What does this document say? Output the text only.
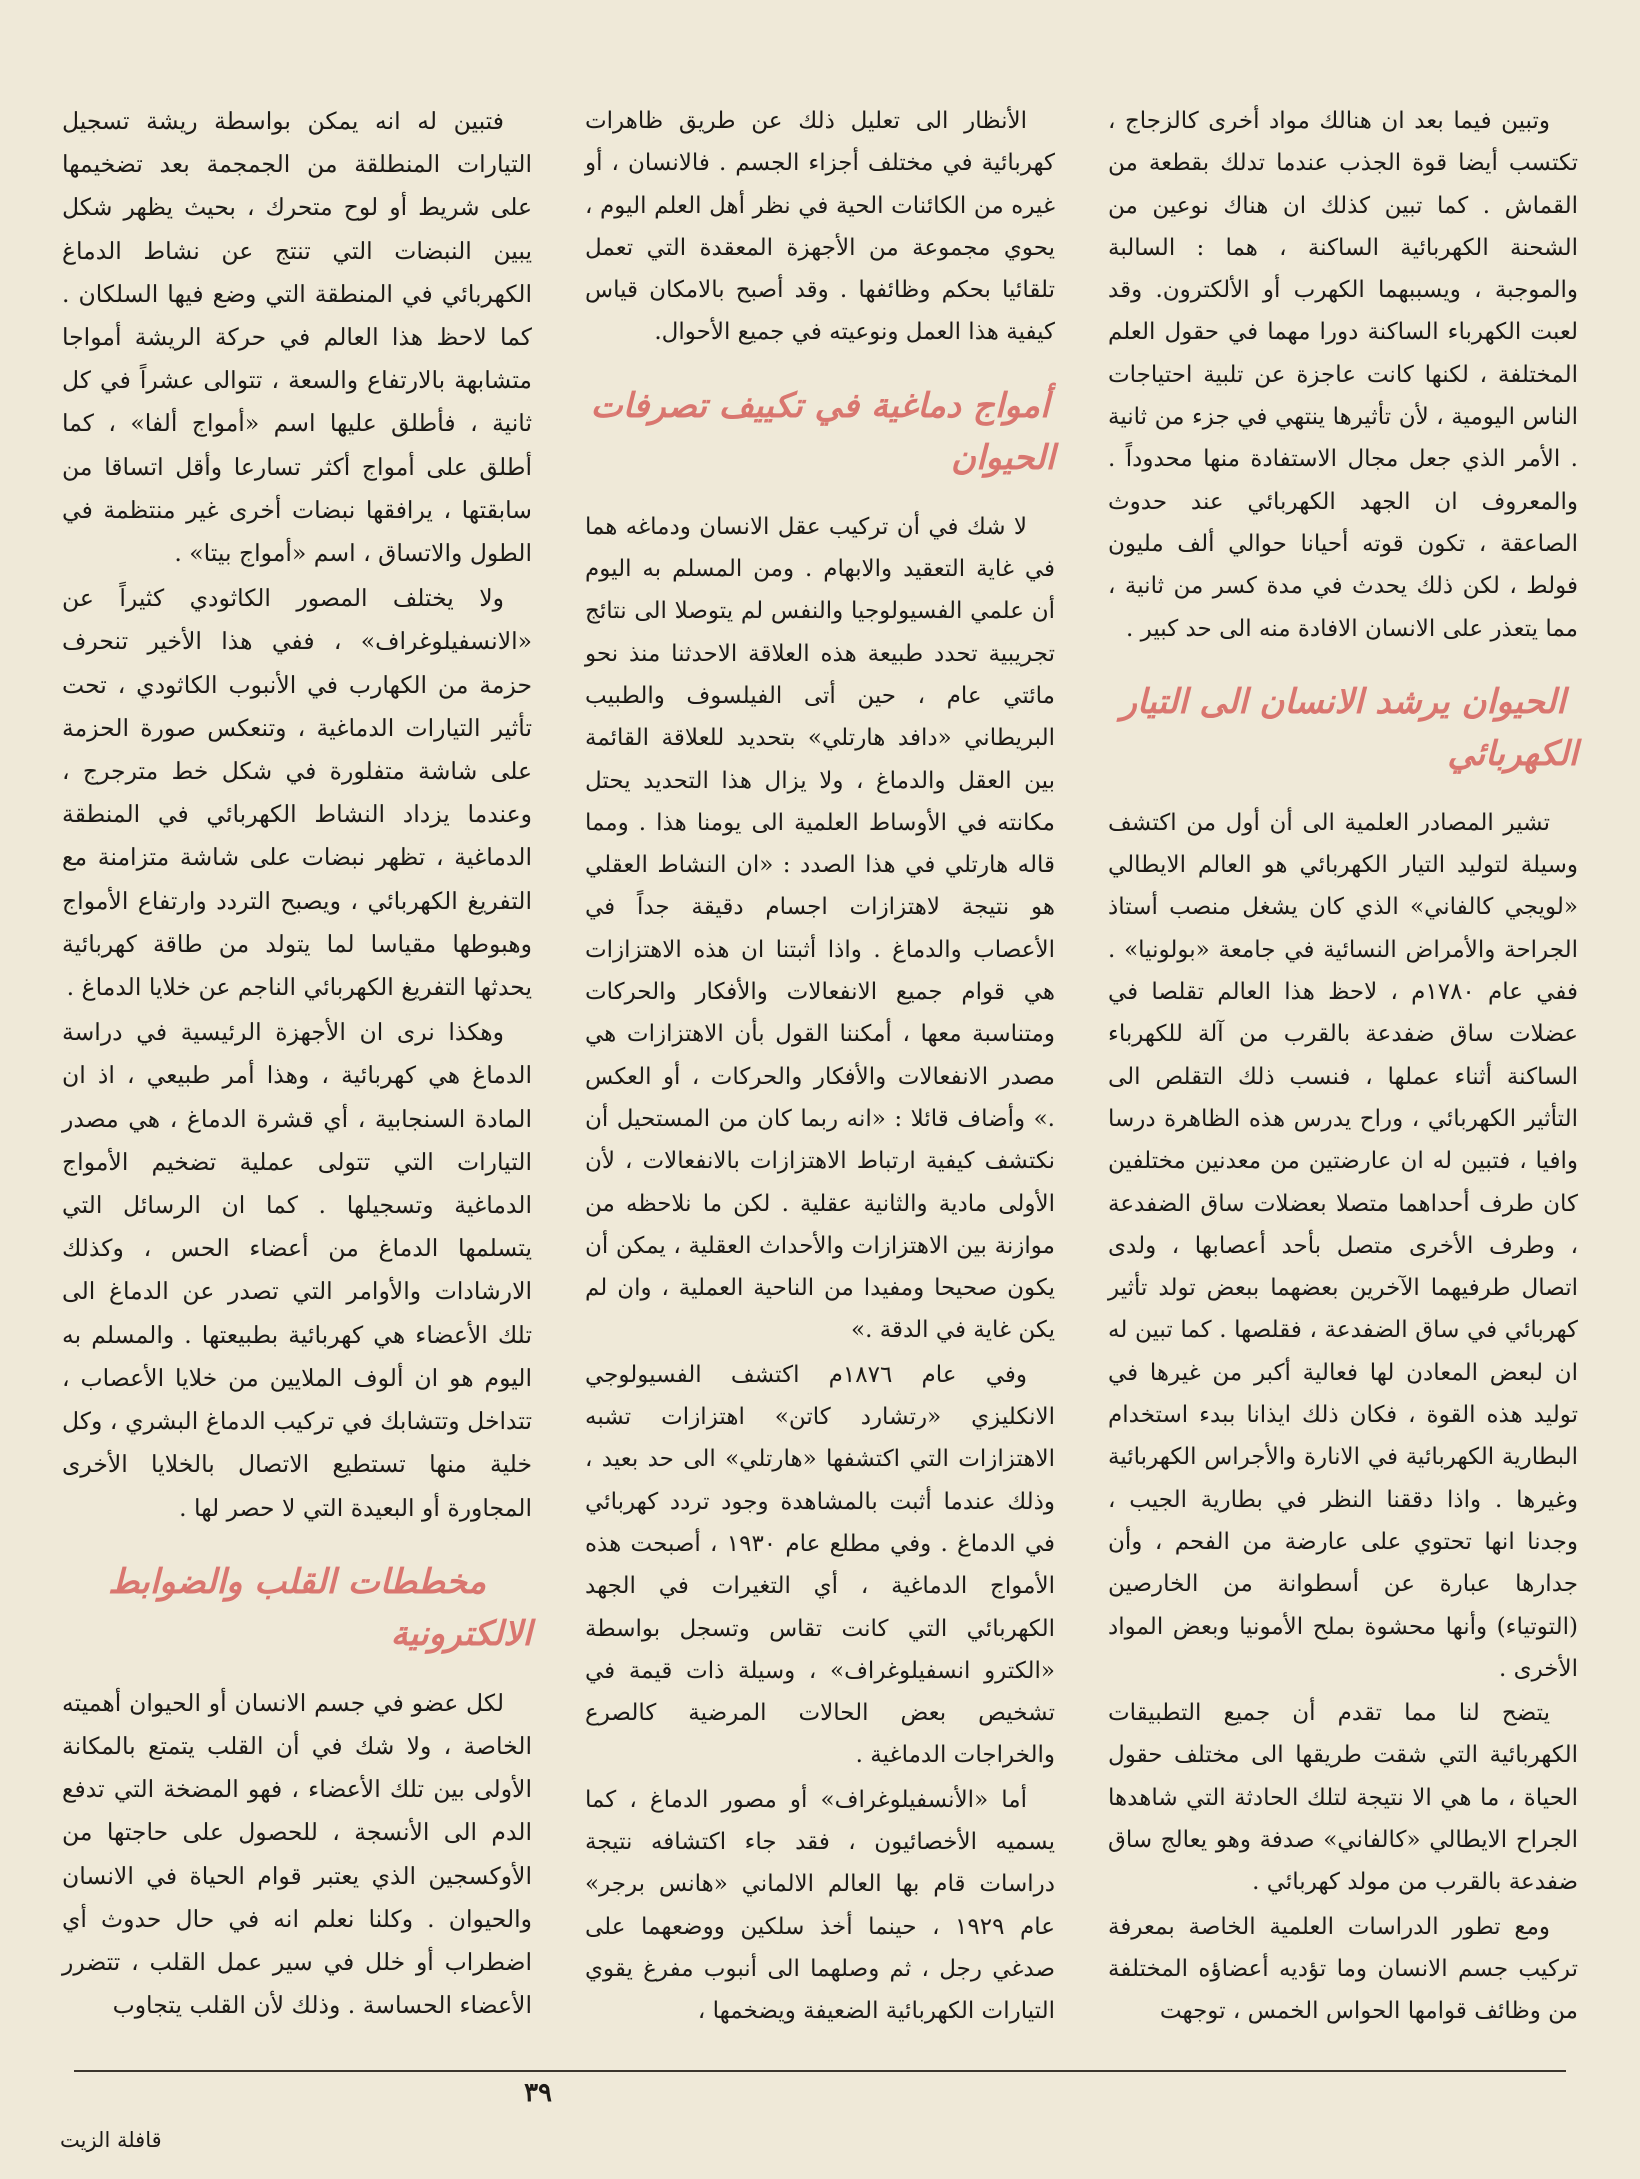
وتبين فيما بعد ان هنالك مواد أخرى كالزجاج ، تكتسب أيضا قوة الجذب عندما تدلك بقطعة من القماش . كما تبين كذلك ان هناك نوعين من الشحنة الكهربائية الساكنة ، هما : السالبة والموجبة ، ويسببهما الكهرب أو الألكترون. وقد لعبت الكهرباء الساكنة دورا مهما في حقول العلم المختلفة ، لكنها كانت عاجزة عن تلبية احتياجات الناس اليومية ، لأن تأثيرها ينتهي في جزء من ثانية . الأمر الذي جعل مجال الاستفادة منها محدوداً . والمعروف ان الجهد الكهربائي عند حدوث الصاعقة ، تكون قوته أحيانا حوالي ألف مليون فولط ، لكن ذلك يحدث في مدة كسر من ثانية ، مما يتعذر على الانسان الافادة منه الى حد كبير .

الحيوان يرشد الانسان الى التيار الكهربائي

تشير المصادر العلمية الى أن أول من اكتشف وسيلة لتوليد التيار الكهربائي هو العالم الايطالي «لويجي كالفاني» الذي كان يشغل منصب أستاذ الجراحة والأمراض النسائية في جامعة «بولونيا» . ففي عام ١٧٨٠م ، لاحظ هذا العالم تقلصا في عضلات ساق ضفدعة بالقرب من آلة للكهرباء الساكنة أثناء عملها ، فنسب ذلك التقلص الى التأثير الكهربائي ، وراح يدرس هذه الظاهرة درسا وافيا ، فتبين له ان عارضتين من معدنين مختلفين كان طرف أحداهما متصلا بعضلات ساق الضفدعة ، وطرف الأخرى متصل بأحد أعصابها ، ولدى اتصال طرفيهما الآخرين بعضهما ببعض تولد تأثير كهربائي في ساق الضفدعة ، فقلصها . كما تبين له ان لبعض المعادن لها فعالية أكبر من غيرها في توليد هذه القوة ، فكان ذلك ايذانا ببدء استخدام البطارية الكهربائية في الانارة والأجراس الكهربائية وغيرها . واذا دققنا النظر في بطارية الجيب ، وجدنا انها تحتوي على عارضة من الفحم ، وأن جدارها عبارة عن أسطوانة من الخارصين (التوتياء) وأنها محشوة بملح الأمونيا وبعض المواد الأخرى .

يتضح لنا مما تقدم أن جميع التطبيقات الكهربائية التي شقت طريقها الى مختلف حقول الحياة ، ما هي الا نتيجة لتلك الحادثة التي شاهدها الجراح الايطالي «كالفاني» صدفة وهو يعالج ساق ضفدعة بالقرب من مولد كهربائي .

ومع تطور الدراسات العلمية الخاصة بمعرفة تركيب جسم الانسان وما تؤديه أعضاؤه المختلفة من وظائف قوامها الحواس الخمس ، توجهت

الأنظار الى تعليل ذلك عن طريق ظاهرات كهربائية في مختلف أجزاء الجسم . فالانسان ، أو غيره من الكائنات الحية في نظر أهل العلم اليوم ، يحوي مجموعة من الأجهزة المعقدة التي تعمل تلقائيا بحكم وظائفها . وقد أصبح بالامكان قياس كيفية هذا العمل ونوعيته في جميع الأحوال.

أمواج دماغية في تكييف تصرفات الحيوان

لا شك في أن تركيب عقل الانسان ودماغه هما في غاية التعقيد والابهام . ومن المسلم به اليوم أن علمي الفسيولوجيا والنفس لم يتوصلا الى نتائج تجريبية تحدد طبيعة هذه العلاقة الاحدثنا منذ نحو مائتي عام ، حين أتى الفيلسوف والطبيب البريطاني «دافد هارتلي» بتحديد للعلاقة القائمة بين العقل والدماغ ، ولا يزال هذا التحديد يحتل مكانته في الأوساط العلمية الى يومنا هذا . ومما قاله هارتلي في هذا الصدد : «ان النشاط العقلي هو نتيجة لاهتزازات اجسام دقيقة جداً في الأعصاب والدماغ . واذا أثبتنا ان هذه الاهتزازات هي قوام جميع الانفعالات والأفكار والحركات ومتناسبة معها ، أمكننا القول بأن الاهتزازات هي مصدر الانفعالات والأفكار والحركات ، أو العكس .» وأضاف قائلا : «انه ربما كان من المستحيل أن نكتشف كيفية ارتباط الاهتزازات بالانفعالات ، لأن الأولى مادية والثانية عقلية . لكن ما نلاحظه من موازنة بين الاهتزازات والأحداث العقلية ، يمكن أن يكون صحيحا ومفيدا من الناحية العملية ، وان لم يكن غاية في الدقة .»

وفي عام ١٨٧٦م اكتشف الفسيولوجي الانكليزي «رتشارد كاتن» اهتزازات تشبه الاهتزازات التي اكتشفها «هارتلي» الى حد بعيد ، وذلك عندما أثبت بالمشاهدة وجود تردد كهربائي في الدماغ . وفي مطلع عام ١٩٣٠ ، أصبحت هذه الأمواج الدماغية ، أي التغيرات في الجهد الكهربائي التي كانت تقاس وتسجل بواسطة «الكترو انسفيلوغراف» ، وسيلة ذات قيمة في تشخيص بعض الحالات المرضية كالصرع والخراجات الدماغية .

أما «الأنسفيلوغراف» أو مصور الدماغ ، كما يسميه الأخصائيون ، فقد جاء اكتشافه نتيجة دراسات قام بها العالم الالماني «هانس برجر» عام ١٩٢٩ ، حينما أخذ سلكين ووضعهما على صدغي رجل ، ثم وصلهما الى أنبوب مفرغ يقوي التيارات الكهربائية الضعيفة ويضخمها ،

فتبين له انه يمكن بواسطة ريشة تسجيل التيارات المنطلقة من الجمجمة بعد تضخيمها على شريط أو لوح متحرك ، بحيث يظهر شكل يبين النبضات التي تنتج عن نشاط الدماغ الكهربائي في المنطقة التي وضع فيها السلكان . كما لاحظ هذا العالم في حركة الريشة أمواجا متشابهة بالارتفاع والسعة ، تتوالى عشراً في كل ثانية ، فأطلق عليها اسم «أمواج ألفا» ، كما أطلق على أمواج أكثر تسارعا وأقل اتساقا من سابقتها ، يرافقها نبضات أخرى غير منتظمة في الطول والاتساق ، اسم «أمواج بيتا» .

ولا يختلف المصور الكاثودي كثيراً عن «الانسفيلوغراف» ، ففي هذا الأخير تنحرف حزمة من الكهارب في الأنبوب الكاثودي ، تحت تأثير التيارات الدماغية ، وتنعكس صورة الحزمة على شاشة متفلورة في شكل خط مترجرج ، وعندما يزداد النشاط الكهربائي في المنطقة الدماغية ، تظهر نبضات على شاشة متزامنة مع التفريغ الكهربائي ، ويصبح التردد وارتفاع الأمواج وهبوطها مقياسا لما يتولد من طاقة كهربائية يحدثها التفريغ الكهربائي الناجم عن خلايا الدماغ .

وهكذا نرى ان الأجهزة الرئيسية في دراسة الدماغ هي كهربائية ، وهذا أمر طبيعي ، اذ ان المادة السنجابية ، أي قشرة الدماغ ، هي مصدر التيارات التي تتولى عملية تضخيم الأمواج الدماغية وتسجيلها . كما ان الرسائل التي يتسلمها الدماغ من أعضاء الحس ، وكذلك الارشادات والأوامر التي تصدر عن الدماغ الى تلك الأعضاء هي كهربائية بطبيعتها . والمسلم به اليوم هو ان ألوف الملايين من خلايا الأعصاب ، تتداخل وتتشابك في تركيب الدماغ البشري ، وكل خلية منها تستطيع الاتصال بالخلايا الأخرى المجاورة أو البعيدة التي لا حصر لها .

مخططات القلب والضوابط الالكترونية

لكل عضو في جسم الانسان أو الحيوان أهميته الخاصة ، ولا شك في أن القلب يتمتع بالمكانة الأولى بين تلك الأعضاء ، فهو المضخة التي تدفع الدم الى الأنسجة ، للحصول على حاجتها من الأوكسجين الذي يعتبر قوام الحياة في الانسان والحيوان . وكلنا نعلم انه في حال حدوث أي اضطراب أو خلل في سير عمل القلب ، تتضرر الأعضاء الحساسة . وذلك لأن القلب يتجاوب

٣٩
قافلة الزيت
